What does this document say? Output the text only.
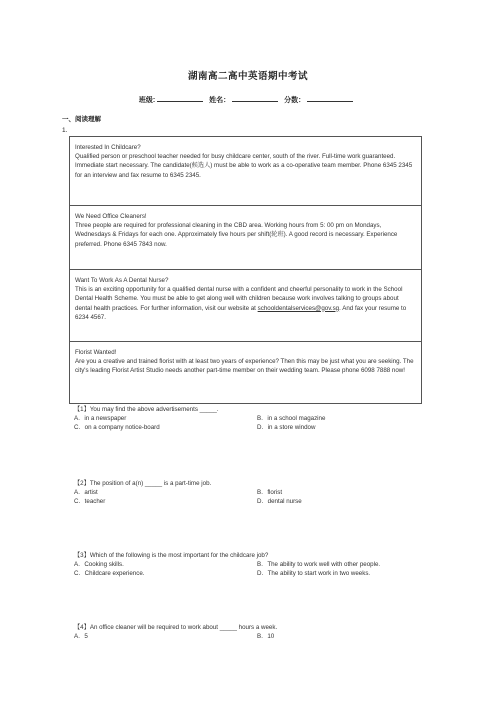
湖南高二高中英语期中考试
班级:	姓名：	分数：
一、阅读理解
1.
Interested In Childcare?
Qualified person or preschool teacher needed for busy childcare center, south of the river. Full-time work guaranteed. Immediate start necessary. The candidate(候选人) must be able to work as a co-operative team member. Phone 6345 2345 for an interview and fax resume to 6345 2345.
We Need Office Cleaners!
Three people are required for professional cleaning in the CBD area. Working hours from 5: 00 pm on Mondays, Wednesdays & Fridays for each one. Approximately five hours per shift(轮班). A good record is necessary. Experience preferred. Phone 6345 7843 now.
Want To Work As A Dental Nurse?
This is an exciting opportunity for a qualified dental nurse with a confident and cheerful personality to work in the School Dental Health Scheme. You must be able to get along well with children because work involves talking to groups about dental health practices. For further information, visit our website at schooldentalservices@gov.sg. And fax your resume to 6234 4567.
Florist Wanted!
Are you a creative and trained florist with at least two years of experience? Then this may be just what you are seeking. The city's leading Florist Artist Studio needs another part-time member on their wedding team. Please phone 6098 7888 now!
【1】You may find the above advertisements _____.
A．in a newspaper	B．in a school magazine
C．on a company notice-board	D．in a store window
【2】The position of a(n) _____ is a part-time job.
A．artist	B．florist
C．teacher	D．dental nurse
【3】Which of the following is the most important for the childcare job?
A．Cooking skills.	B．The ability to work well with other people.
C．Childcare experience.	D．The ability to start work in two weeks.
【4】An office cleaner will be required to work about _____ hours a week.
A．5	B．10
